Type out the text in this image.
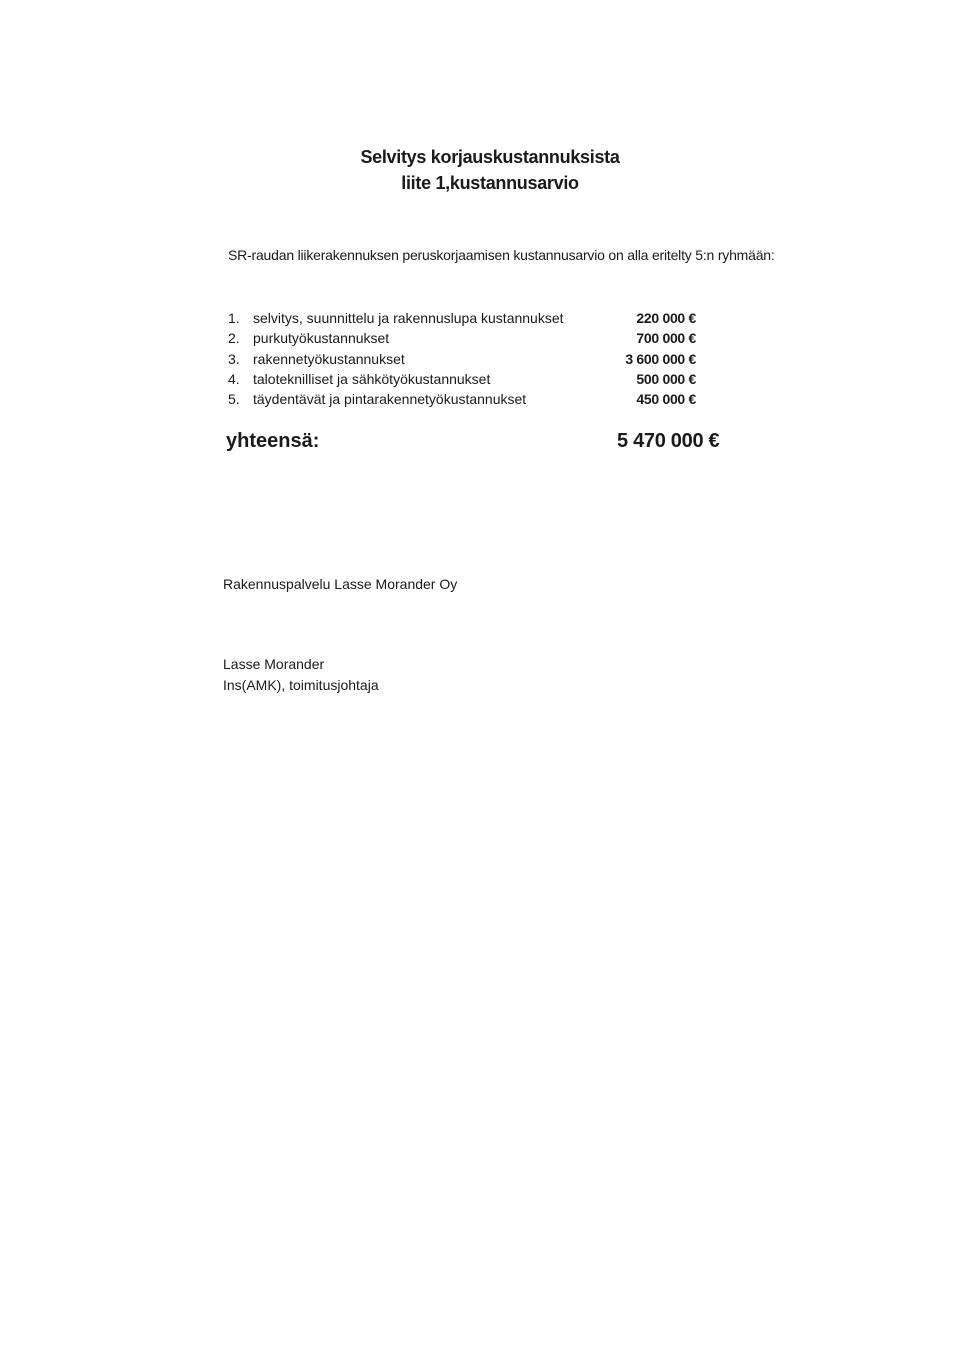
Selvitys korjauskustannuksista
liite 1,kustannusarvio
SR-raudan liikerakennuksen peruskorjaamisen kustannusarvio on alla eritelty 5:n ryhmään:
1. selvitys, suunnittelu ja rakennuslupa kustannukset	220 000 €
2. purkutyökustannukset	700 000 €
3. rakennetyökustannukset	3 600 000 €
4. taloteknilliset ja sähkötyökustannukset	500 000 €
5. täydentävät ja pintarakennetyökustannukset	450 000 €
yhteensä:	5 470 000 €
Rakennuspalvelu Lasse Morander Oy
Lasse Morander
Ins(AMK), toimitusjohtaja
